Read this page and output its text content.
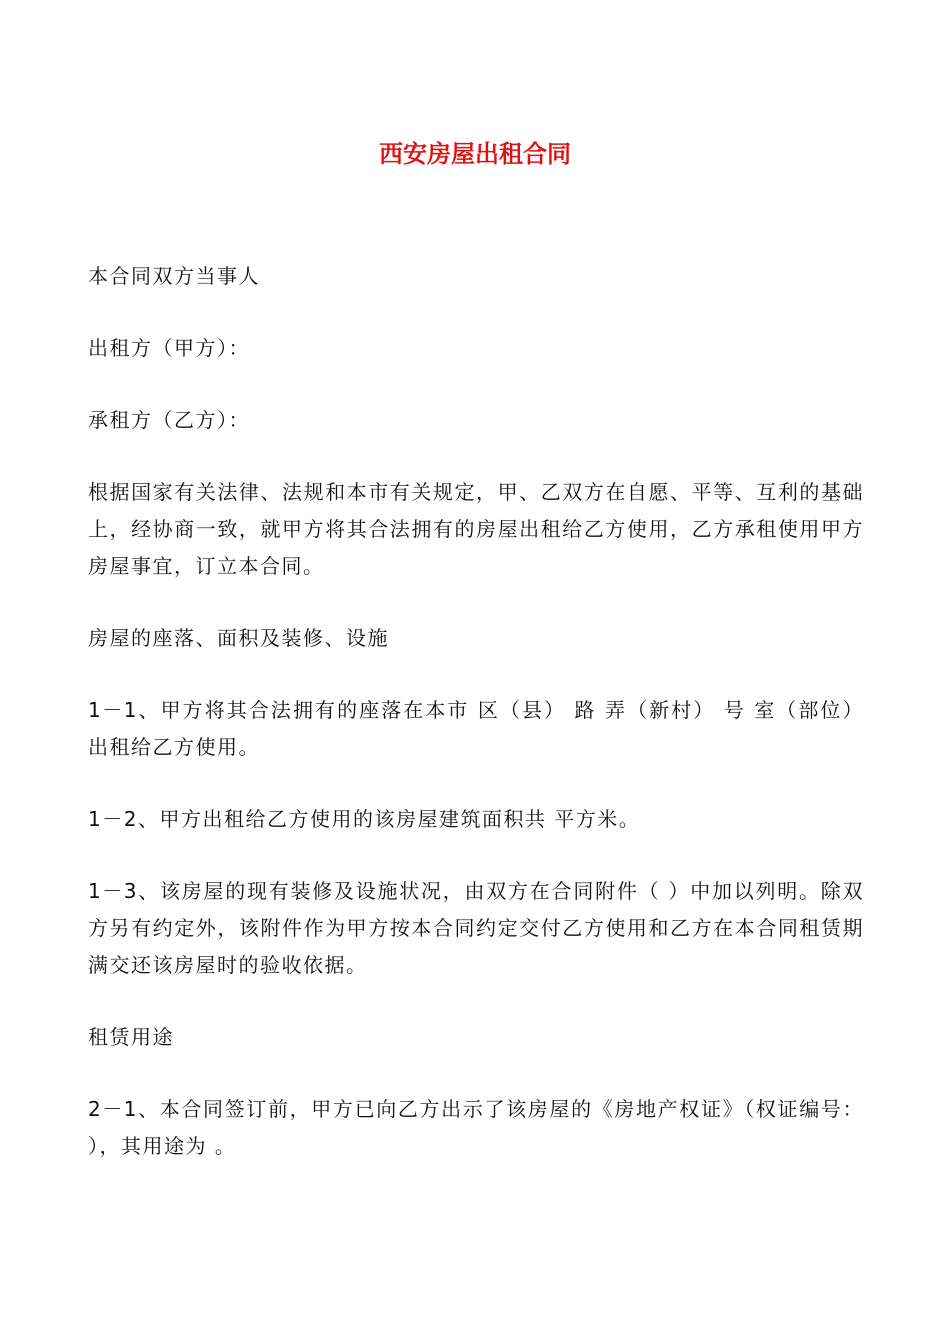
西安房屋出租合同

本合同双方当事人

出租方（甲方）：

承租方（乙方）：

根据国家有关法律、法规和本市有关规定，甲、乙双方在自愿、平等、互利的基础上，经协商一致，就甲方将其合法拥有的房屋出租给乙方使用，乙方承租使用甲方房屋事宜，订立本合同。

房屋的座落、面积及装修、设施

1－1、甲方将其合法拥有的座落在本市 区（县） 路 弄（新村） 号 室（部位） 出租给乙方使用。

1－2、甲方出租给乙方使用的该房屋建筑面积共 平方米。

1－3、该房屋的现有装修及设施状况，由双方在合同附件（ ）中加以列明。除双方另有约定外，该附件作为甲方按本合同约定交付乙方使用和乙方在本合同租赁期满交还该房屋时的验收依据。

租赁用途

2－1、本合同签订前，甲方已向乙方出示了该房屋的《房地产权证》（权证编号： ），其用途为 。
